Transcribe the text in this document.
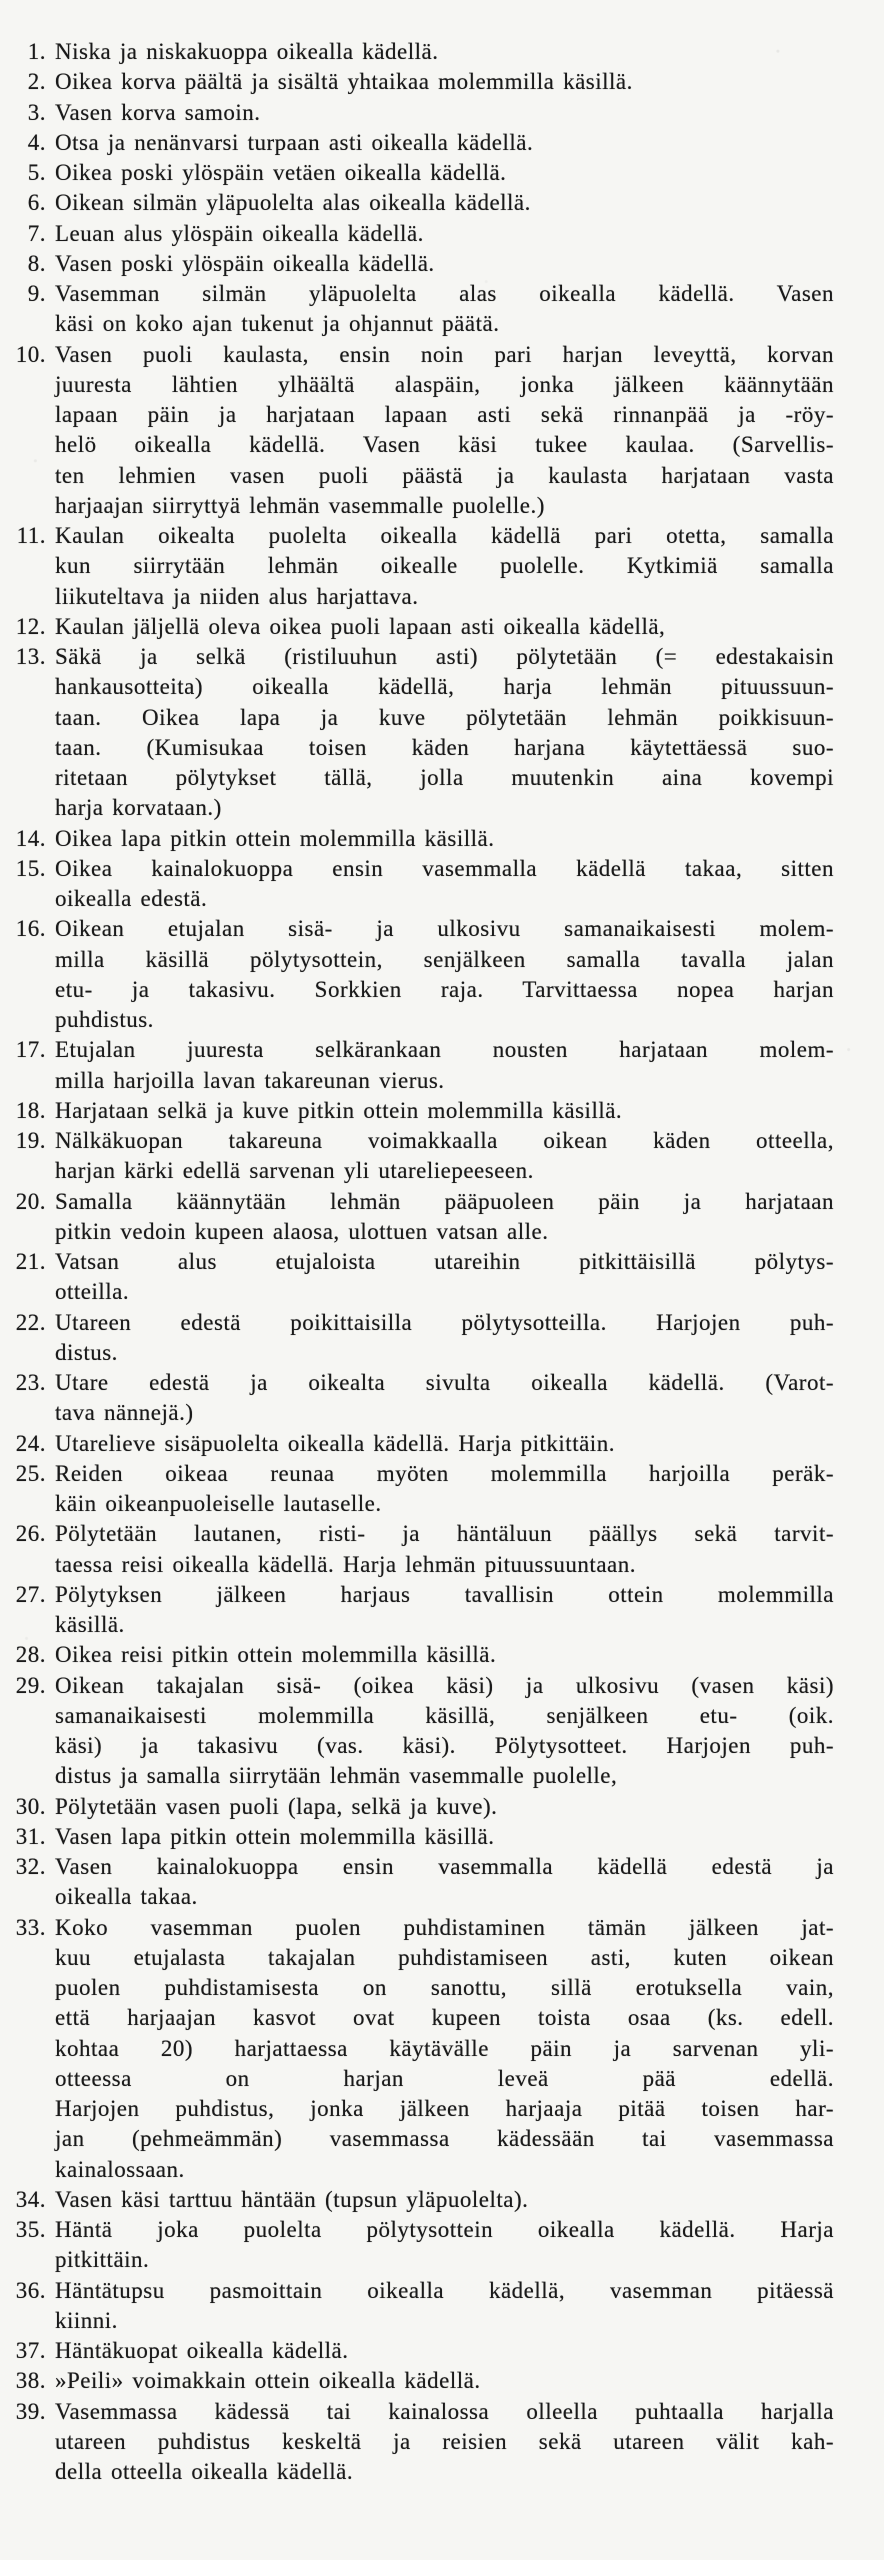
1. Niska ja niskakuoppa oikealla kädellä.
2. Oikea korva päältä ja sisältä yhtaikaa molemmilla käsillä.
3. Vasen korva samoin.
4. Otsa ja nenänvarsi turpaan asti oikealla kädellä.
5. Oikea poski ylöspäin vetäen oikealla kädellä.
6. Oikean silmän yläpuolelta alas oikealla kädellä.
7. Leuan alus ylöspäin oikealla kädellä.
8. Vasen poski ylöspäin oikealla kädellä.
9. Vasemman silmän yläpuolelta alas oikealla kädellä. Vasen
käsi on koko ajan tukenut ja ohjannut päätä.
10. Vasen puoli kaulasta, ensin noin pari harjan leveyttä, korvan
juuresta lähtien ylhäältä alaspäin, jonka jälkeen käännytään
lapaan päin ja harjataan lapaan asti sekä rinnanpää ja -röy-
helö oikealla kädellä. Vasen käsi tukee kaulaa. (Sarvellis-
ten lehmien vasen puoli päästä ja kaulasta harjataan vasta
harjaajan siirryttyä lehmän vasemmalle puolelle.)
11. Kaulan oikealta puolelta oikealla kädellä pari otetta, samalla
kun siirrytään lehmän oikealle puolelle. Kytkimiä samalla
liikuteltava ja niiden alus harjattava.
12. Kaulan jäljellä oleva oikea puoli lapaan asti oikealla kädellä,
13. Säkä ja selkä (ristiluuhun asti) pölytetään (= edestakaisin
hankausotteita) oikealla kädellä, harja lehmän pituussuun-
taan. Oikea lapa ja kuve pölytetään lehmän poikkisuun-
taan. (Kumisukaa toisen käden harjana käytettäessä suo-
ritetaan pölytykset tällä, jolla muutenkin aina kovempi
harja korvataan.)
14. Oikea lapa pitkin ottein molemmilla käsillä.
15. Oikea kainalokuoppa ensin vasemmalla kädellä takaa, sitten
oikealla edestä.
16. Oikean etujalan sisä- ja ulkosivu samanaikaisesti molem-
milla käsillä pölytysottein, senjälkeen samalla tavalla jalan
etu- ja takasivu. Sorkkien raja. Tarvittaessa nopea harjan
puhdistus.
17. Etujalan juuresta selkärankaan nousten harjataan molem-
milla harjoilla lavan takareunan vierus.
18. Harjataan selkä ja kuve pitkin ottein molemmilla käsillä.
19. Nälkäkuopan takareuna voimakkaalla oikean käden otteella,
harjan kärki edellä sarvenan yli utareliepeeseen.
20. Samalla käännytään lehmän pääpuoleen päin ja harjataan
pitkin vedoin kupeen alaosa, ulottuen vatsan alle.
21. Vatsan alus etujaloista utareihin pitkittäisillä pölytys-
otteilla.
22. Utareen edestä poikittaisilla pölytysotteilla. Harjojen puh-
distus.
23. Utare edestä ja oikealta sivulta oikealla kädellä. (Varot-
tava nännejä.)
24. Utarelieve sisäpuolelta oikealla kädellä. Harja pitkittäin.
25. Reiden oikeaa reunaa myöten molemmilla harjoilla peräk-
käin oikeanpuoleiselle lautaselle.
26. Pölytetään lautanen, risti- ja häntäluun päällys sekä tarvit-
taessa reisi oikealla kädellä. Harja lehmän pituussuuntaan.
27. Pölytyksen jälkeen harjaus tavallisin ottein molemmilla
käsillä.
28. Oikea reisi pitkin ottein molemmilla käsillä.
29. Oikean takajalan sisä- (oikea käsi) ja ulkosivu (vasen käsi)
samanaikaisesti molemmilla käsillä, senjälkeen etu- (oik.
käsi) ja takasivu (vas. käsi). Pölytysotteet. Harjojen puh-
distus ja samalla siirrytään lehmän vasemmalle puolelle,
30. Pölytetään vasen puoli (lapa, selkä ja kuve).
31. Vasen lapa pitkin ottein molemmilla käsillä.
32. Vasen kainalokuoppa ensin vasemmalla kädellä edestä ja
oikealla takaa.
33. Koko vasemman puolen puhdistaminen tämän jälkeen jat-
kuu etujalasta takajalan puhdistamiseen asti, kuten oikean
puolen puhdistamisesta on sanottu, sillä erotuksella vain,
että harjaajan kasvot ovat kupeen toista osaa (ks. edell.
kohtaa 20) harjattaessa käytävälle päin ja sarvenan yli-
otteessa on harjan leveä pää edellä.
Harjojen puhdistus, jonka jälkeen harjaaja pitää toisen har-
jan (pehmeämmän) vasemmassa kädessään tai vasemmassa
kainalossaan.
34. Vasen käsi tarttuu häntään (tupsun yläpuolelta).
35. Häntä joka puolelta pölytysottein oikealla kädellä. Harja
pitkittäin.
36. Häntätupsu pasmoittain oikealla kädellä, vasemman pitäessä
kiinni.
37. Häntäkuopat oikealla kädellä.
38. »Peili» voimakkain ottein oikealla kädellä.
39. Vasemmassa kädessä tai kainalossa olleella puhtaalla harjalla
utareen puhdistus keskeltä ja reisien sekä utareen välit kah-
della otteella oikealla kädellä.
